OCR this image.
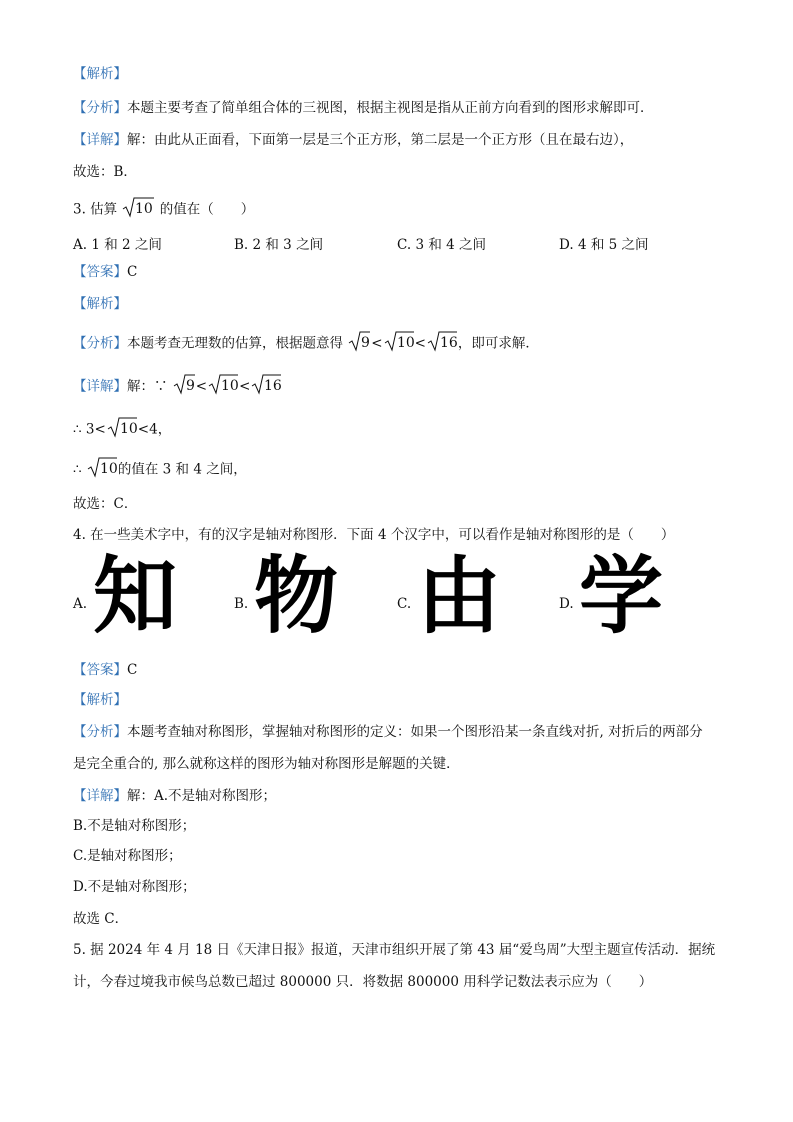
【解析】
【分析】本题主要考查了简单组合体的三视图，根据主视图是指从正前方向看到的图形求解即可．
【详解】解：由此从正面看，下面第一层是三个正方形，第二层是一个正方形（且在最右边），
故选：B．
3. 估算 10 的值在（　　）
A. 1 和 2 之间	B. 2 和 3 之间	C. 3 和 4 之间	D. 4 和 5 之间
【答案】C
【解析】
【分析】本题考查无理数的估算，根据题意得 9 < 10 < 16 ，即可求解．
【详解】解：∵ 9 < 10 < 16
∴ 3< 10 <4，
∴ 10 的值在 3 和 4 之间，
故选：C．
4. 在一些美术字中，有的汉字是轴对称图形．下面 4 个汉字中，可以看作是轴对称图形的是（　　）
A. 知	B. 物	C. 由	D. 学
【答案】C
【解析】
【分析】本题考查轴对称图形，掌握轴对称图形的定义：如果一个图形沿某一条直线对折, 对折后的两部分
是完全重合的, 那么就称这样的图形为轴对称图形是解题的关键．
【详解】解：A.不是轴对称图形；
B.不是轴对称图形；
C.是轴对称图形；
D.不是轴对称图形；
故选 C．
5. 据 2024 年 4 月 18 日《天津日报》报道，天津市组织开展了第 43 届“爱鸟周”大型主题宣传活动．据统
计，今春过境我市候鸟总数已超过 800000 只．将数据 800000 用科学记数法表示应为（　　）
